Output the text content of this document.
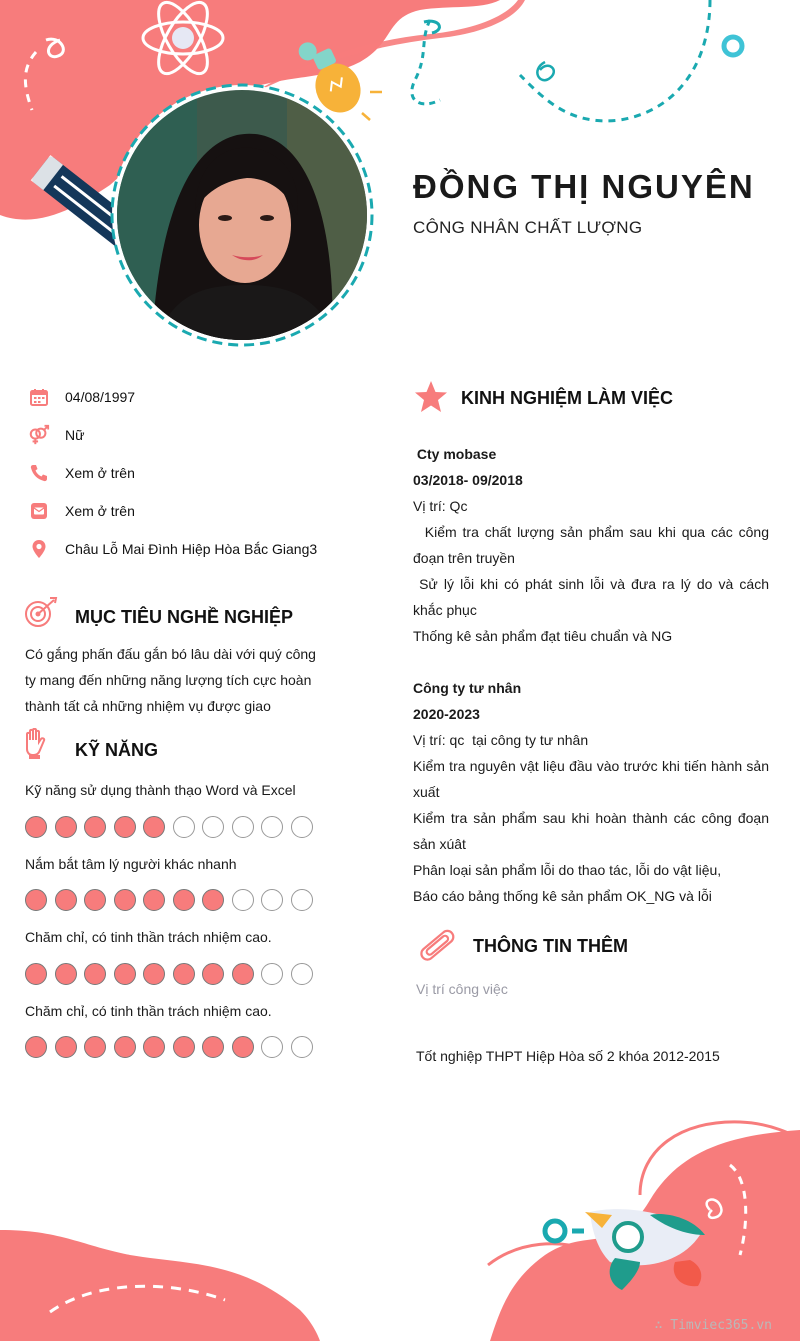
ĐỒNG THỊ NGUYÊN
CÔNG NHÂN CHẤT LƯỢNG
04/08/1997
Nữ
Xem ở trên
Xem ở trên
Châu Lỗ Mai Đình Hiệp Hòa Bắc Giang3
MỤC TIÊU NGHỀ NGHIỆP
Có gắng phấn đấu gắn bó lâu dài với quý công ty mang đến những năng lượng tích cực hoàn thành tất cả những nhiệm vụ được giao
KỸ NĂNG
Kỹ năng sử dụng thành thạo Word và Excel
Nắm bắt tâm lý người khác nhanh
Chăm chỉ, có tinh thần trách nhiệm cao.
Chăm chỉ, có tinh thần trách nhiệm cao.
KINH NGHIỆM LÀM VIỆC
Cty mobase
03/2018- 09/2018
Vị trí: Qc
Kiểm tra chất lượng sản phẩm sau khi qua các công đoạn trên truyền
Sử lý lỗi khi có phát sinh lỗi và đưa ra lý do và cách khắc phục
Thống kê sản phẩm đạt tiêu chuẩn và NG
Công ty tư nhân
2020-2023
Vị trí: qc  tại công ty tư nhân
Kiểm tra nguyên vật liệu đầu vào trước khi tiến hành sản xuất
Kiểm tra sản phẩm sau khi hoàn thành các công đoạn sản xúât
Phân loại sản phẩm lỗi do thao tác, lỗi do vật liệu,
Báo cáo bảng thống kê sản phẩm OK_NG và lỗi
THÔNG TIN THÊM
Vị trí công việc
Tốt nghiệp THPT Hiệp Hòa số 2 khóa 2012-2015
∴ Timviec365.vn
